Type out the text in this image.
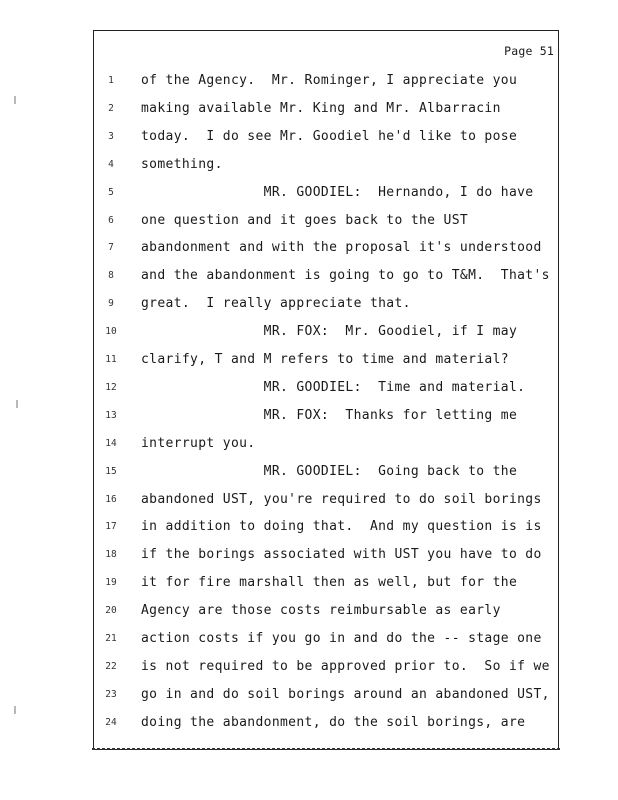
Page 51
1	of the Agency.  Mr. Rominger, I appreciate you
2	making available Mr. King and Mr. Albarracin
3	today.  I do see Mr. Goodiel he'd like to pose
4	something.
5	MR. GOODIEL:  Hernando, I do have
6	one question and it goes back to the UST
7	abandonment and with the proposal it's understood
8	and the abandonment is going to go to T&M.  That's
9	great.  I really appreciate that.
10	MR. FOX:  Mr. Goodiel, if I may
11	clarify, T and M refers to time and material?
12	MR. GOODIEL:  Time and material.
13	MR. FOX:  Thanks for letting me
14	interrupt you.
15	MR. GOODIEL:  Going back to the
16	abandoned UST, you're required to do soil borings
17	in addition to doing that.  And my question is is
18	if the borings associated with UST you have to do
19	it for fire marshall then as well, but for the
20	Agency are those costs reimbursable as early
21	action costs if you go in and do the -- stage one
22	is not required to be approved prior to.  So if we
23	go in and do soil borings around an abandoned UST,
24	doing the abandonment, do the soil borings, are
